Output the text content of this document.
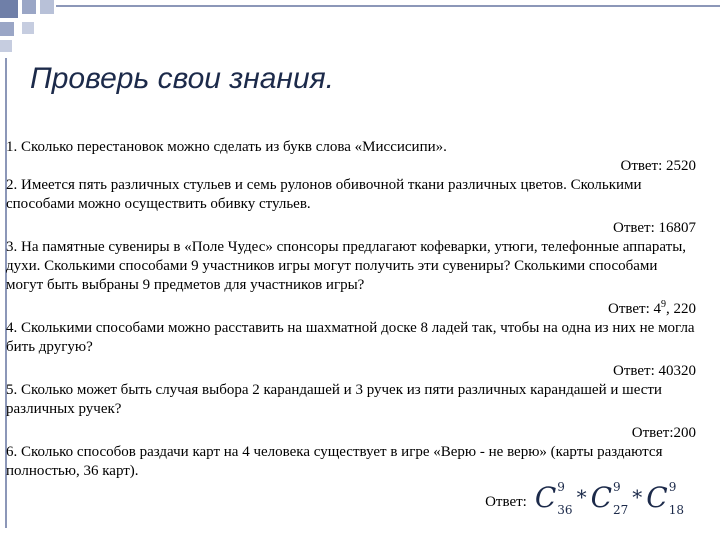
Проверь свои знания.

1. Сколько перестановок можно сделать из букв слова «Миссисипи».

Ответ: 2520

2. Имеется пять различных стульев и семь рулонов обивочной ткани различных цветов. Сколькими способами можно осуществить обивку стульев.

Ответ: 16807

3. На памятные сувениры в «Поле Чудес» спонсоры предлагают кофеварки, утюги, телефонные аппараты, духи. Сколькими способами 9 участников игры могут получить эти сувениры? Сколькими способами могут быть выбраны 9 предметов для участников игры?

Ответ: $4^9$, 220

4. Сколькими способами можно расставить на шахматной доске 8 ладей так, чтобы на одна из них не могла бить другую?

Ответ: 40320

5. Сколько может быть случая выбора 2 карандашей и 3 ручек из пяти различных карандашей и шести различных ручек?

Ответ:200

6. Сколько способов раздачи карт на 4 человека существует в игре «Верю - не верю» (карты раздаются полностью, 36 карт).

Ответ: C 9
36
* C 9
27
* C 9
18
